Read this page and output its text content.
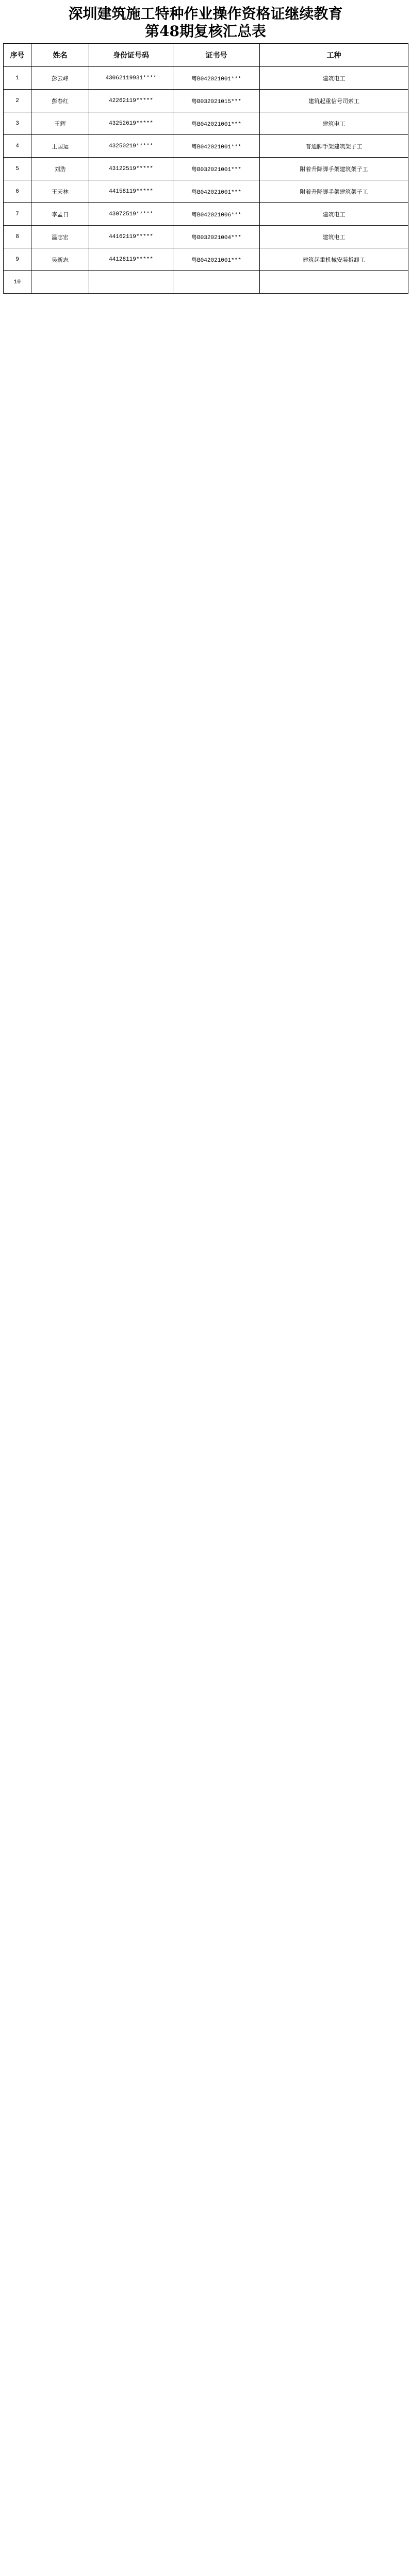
深圳建筑施工特种作业操作资格证继续教育
第48期复核汇总表
序号	姓名	身份证号码	证书号	工种
1	彭云峰	43062119931****	粤B042021001***	建筑电工
2	彭春红	42262119*****	粤B032021015***	建筑起重信号司索工
3	王辉	43252619*****	粤B042021001***	建筑电工
4	王国运	43250219*****	粤B042021001***	普通脚手架建筑架子工
5	刘浩	43122519*****	粤B032021001***	附着升降脚手架建筑架子工
6	王天林	44158119*****	粤B042021001***	附着升降脚手架建筑架子工
7	李孟日	43072519*****	粤B042021006***	建筑电工
8	温志宏	44162119*****	粤B032021004***	建筑电工
9	吴新志	44128119*****	粤B042021001***	建筑起重机械安装拆卸工
10				
